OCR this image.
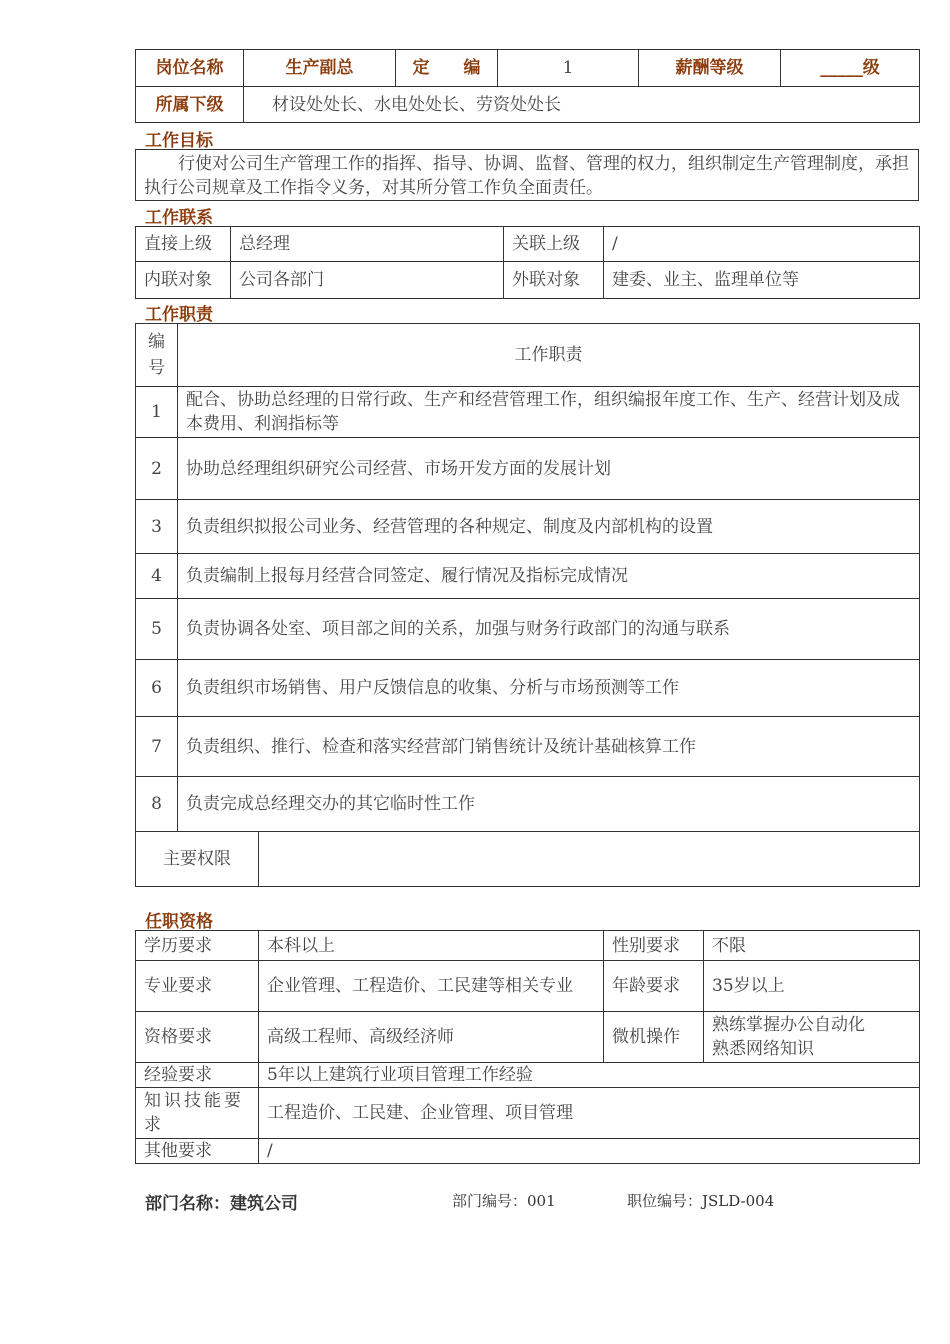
岗位名称	生产副总	定　　编	1	薪酬等级	_____级
所属下级	材设处处长、水电处处长、劳资处处长				
工作目标
行使对公司生产管理工作的指挥、指导、协调、监督、管理的权力，组织制定生产管理制度，承担执行公司规章及工作指令义务，对其所分管工作负全面责任。
工作联系
直接上级	总经理	关联上级	/
内联对象	公司各部门	外联对象	建委、业主、监理单位等
工作职责
编号	工作职责	
1	配合、协助总经理的日常行政、生产和经营管理工作，组织编报年度工作、生产、经营计划及成本费用、利润指标等	
2	协助总经理组织研究公司经营、市场开发方面的发展计划	
3	负责组织拟报公司业务、经营管理的各种规定、制度及内部机构的设置	
4	负责编制上报每月经营合同签定、履行情况及指标完成情况	
5	负责协调各处室、项目部之间的关系，加强与财务行政部门的沟通与联系	
6	负责组织市场销售、用户反馈信息的收集、分析与市场预测等工作	
7	负责组织、推行、检查和落实经营部门销售统计及统计基础核算工作	
8	负责完成总经理交办的其它临时性工作	
主要权限		
任职资格
学历要求	本科以上	性别要求	不限
专业要求	企业管理、工程造价、工民建等相关专业	年龄要求	35岁以上
资格要求	高级工程师、高级经济师	微机操作	熟练掌握办公自动化
熟悉网络知识

经验要求	5年以上建筑行业项目管理工作经验		
知识技能要求	工程造价、工民建、企业管理、项目管理		
其他要求	/		
部门名称：建筑公司	部门编号：001	职位编号：JSLD-004
